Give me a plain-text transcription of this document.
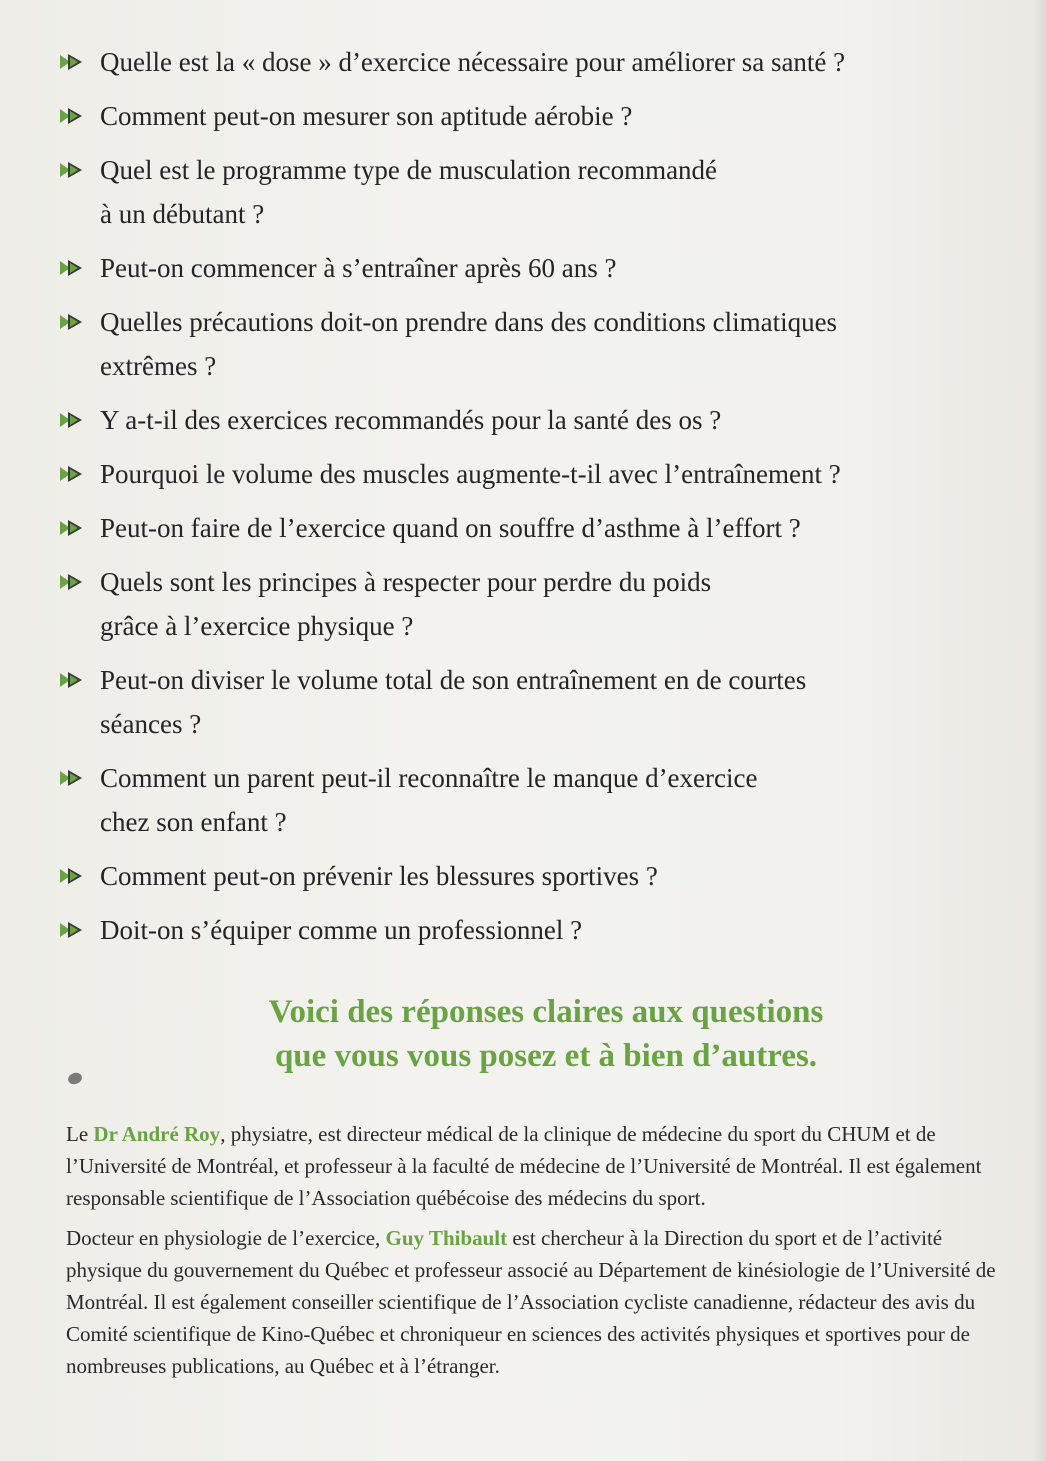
Quelle est la « dose » d’exercice nécessaire pour améliorer sa santé ?
Comment peut-on mesurer son aptitude aérobie ?
Quel est le programme type de musculation recommandé
à un débutant ?
Peut-on commencer à s’entraîner après 60 ans ?
Quelles précautions doit-on prendre dans des conditions climatiques
extrêmes ?
Y a-t-il des exercices recommandés pour la santé des os ?
Pourquoi le volume des muscles augmente-t-il avec l’entraînement ?
Peut-on faire de l’exercice quand on souffre d’asthme à l’effort ?
Quels sont les principes à respecter pour perdre du poids
grâce à l’exercice physique ?
Peut-on diviser le volume total de son entraînement en de courtes
séances ?
Comment un parent peut-il reconnaître le manque d’exercice
chez son enfant ?
Comment peut-on prévenir les blessures sportives ?
Doit-on s’équiper comme un professionnel ?
Voici des réponses claires aux questions
que vous vous posez et à bien d’autres.

Le Dr André Roy, physiatre, est directeur médical de la clinique de médecine du sport du CHUM et de l’Université de Montréal, et professeur à la faculté de médecine de l’Université de Montréal. Il est également responsable scientifique de l’Association québécoise des médecins du sport.

Docteur en physiologie de l’exercice, Guy Thibault est chercheur à la Direction du sport et de l’activité physique du gouvernement du Québec et professeur associé au Département de kinésiologie de l’Université de Montréal. Il est également conseiller scientifique de l’Association cycliste canadienne, rédacteur des avis du Comité scientifique de Kino-Québec et chroniqueur en sciences des activités physiques et sportives pour de nombreuses publications, au Québec et à l’étranger.
